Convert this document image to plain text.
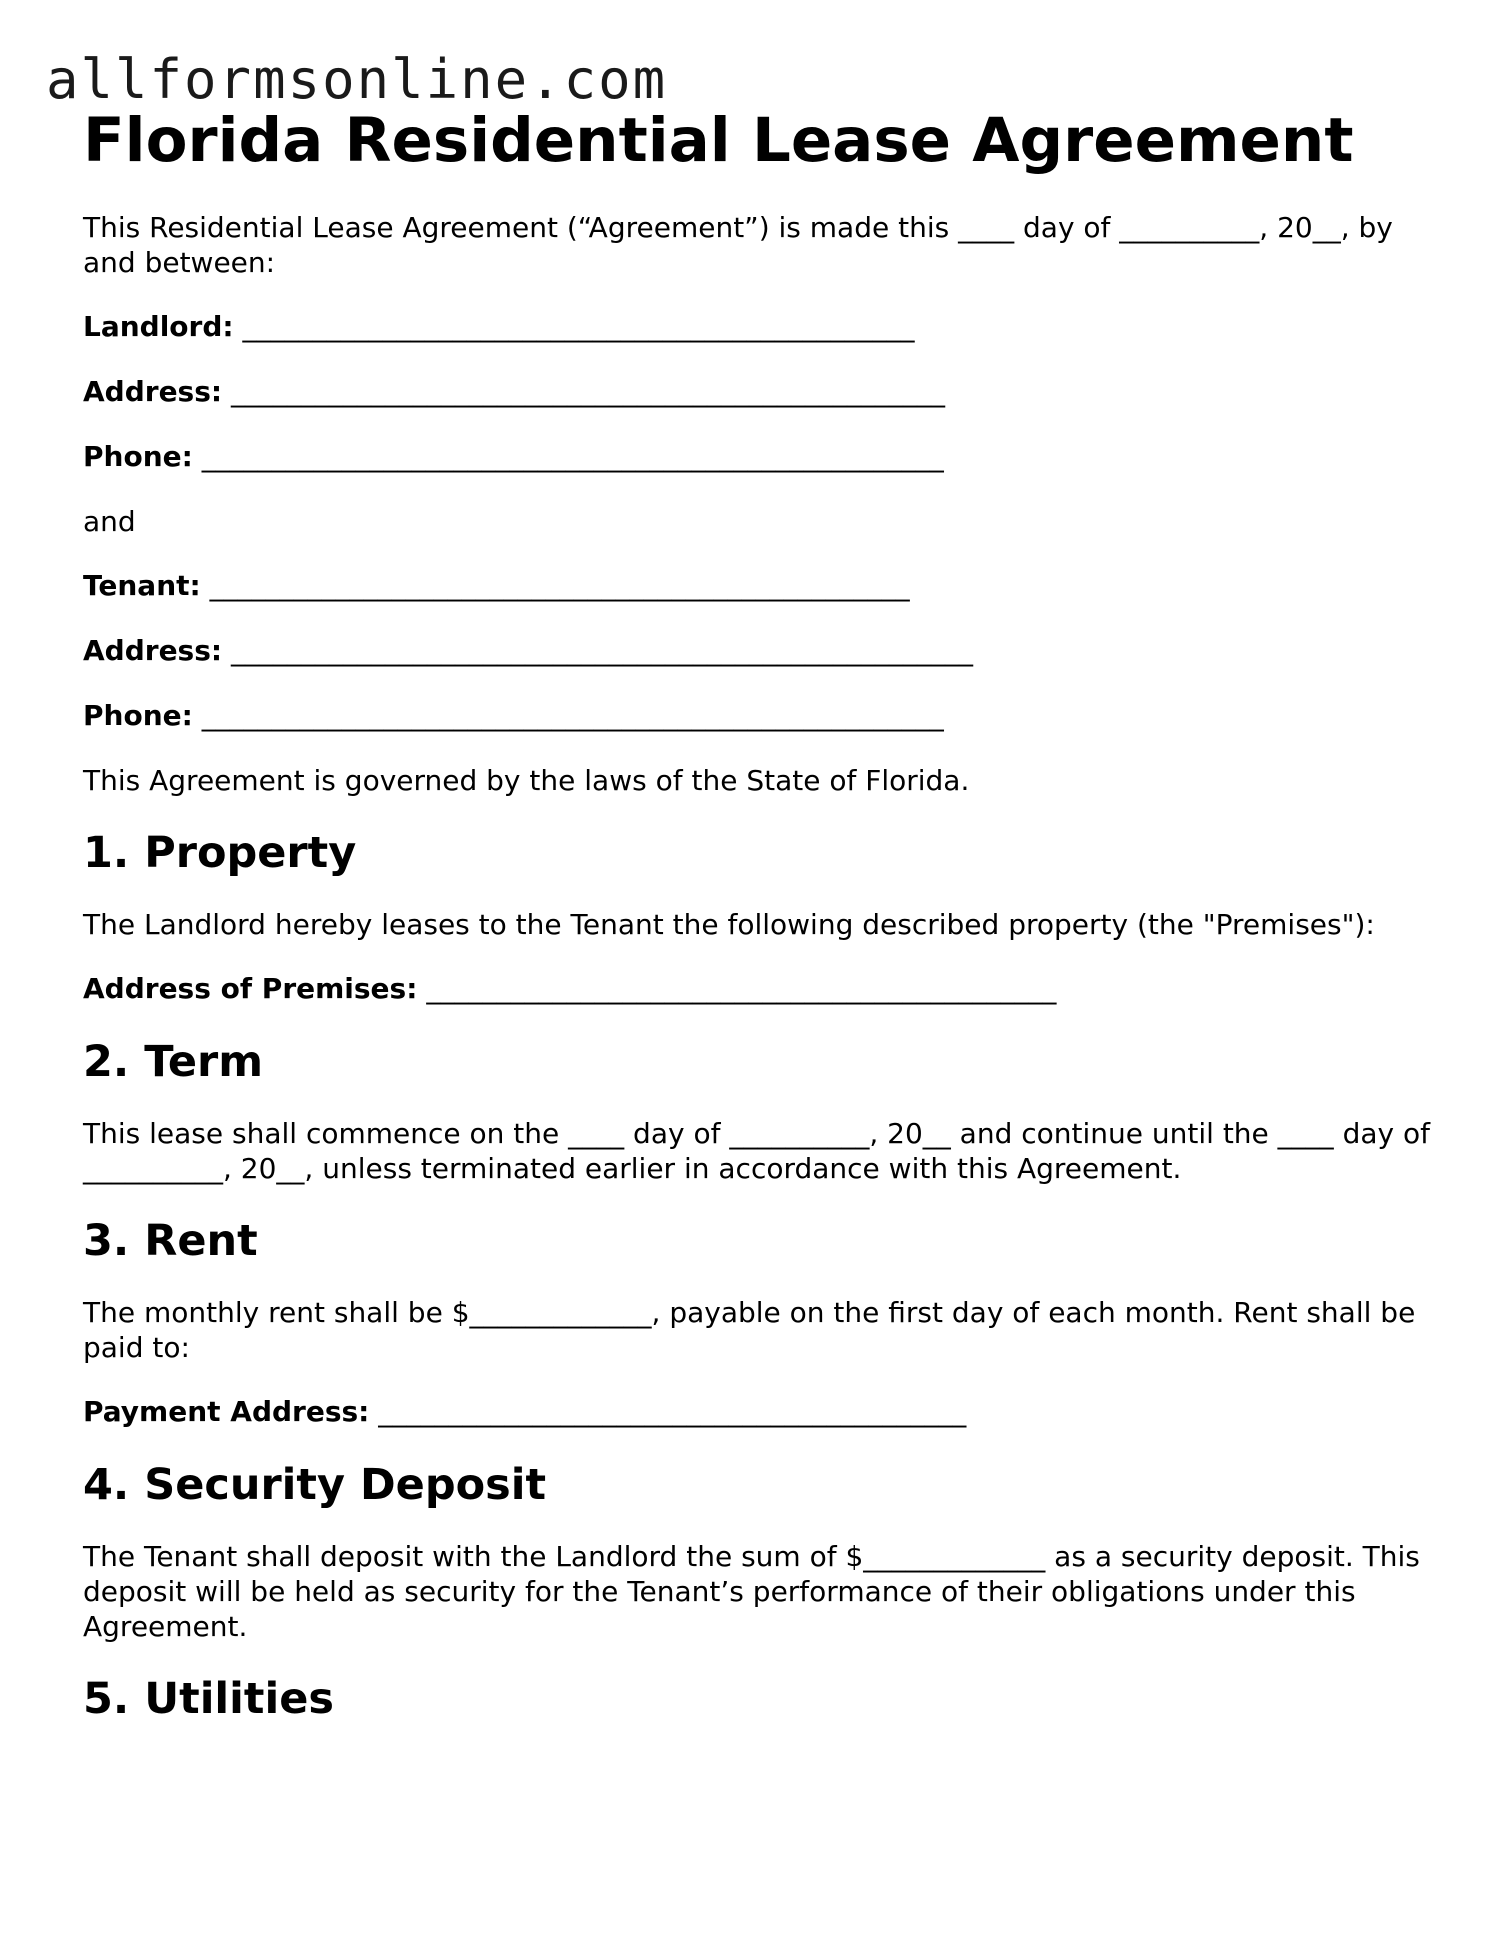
allformsonline.com
Florida Residential Lease Agreement
This Residential Lease Agreement (“Agreement”) is made this ____ day of __________, 20__, by and between:
Landlord: ________________________________________________
Address: ___________________________________________________
Phone: _____________________________________________________
and
Tenant: __________________________________________________
Address: _____________________________________________________
Phone: _____________________________________________________
This Agreement is governed by the laws of the State of Florida.
1. Property
The Landlord hereby leases to the Tenant the following described property (the "Premises"):
Address of Premises: _____________________________________________
2. Term
This lease shall commence on the ____ day of __________, 20__ and continue until the ____ day of __________, 20__, unless terminated earlier in accordance with this Agreement.
3. Rent
The monthly rent shall be $_____________, payable on the first day of each month. Rent shall be paid to:
Payment Address: __________________________________________
4. Security Deposit
The Tenant shall deposit with the Landlord the sum of $_____________ as a security deposit. This deposit will be held as security for the Tenant’s performance of their obligations under this Agreement.
5. Utilities
